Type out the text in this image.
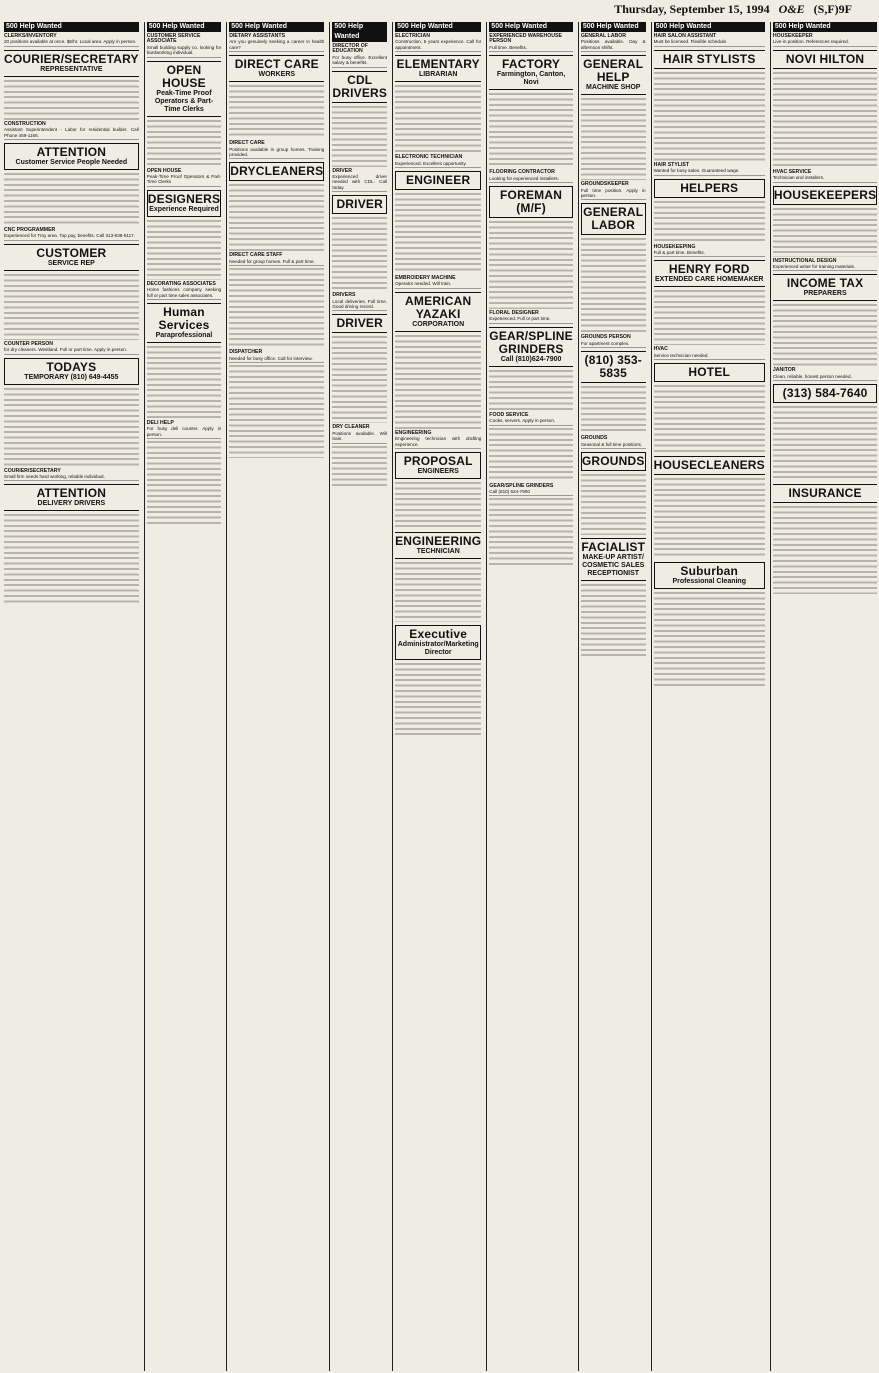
Thursday, September 15, 1994 O&E (S,F)9F
500 Help Wanted
CLERKS/INVENTORY
20 positions available at once. $6/hr. Local area. Apply in person.
COURIER/SECRETARY
REPRESENTATIVE
CONSTRUCTION
Assistant Superintendent - Labor for residential builder. Call Phone 459-1166.
ATTENTION
Customer Service People Needed
CNC PROGRAMMER
Experienced for Troy area. Top pay, benefits. Call 313-838-8117.
CUSTOMER
SERVICE REP
COUNTER PERSON
for dry cleaners. Westland. Full or part time. Apply in person.
TODAYS
TEMPORARY (810) 649-4455
COURIER/SECRETARY
Small firm needs hard working, reliable individual.
ATTENTION
DELIVERY DRIVERS
500 Help Wanted
CUSTOMER SERVICE ASSOCIATE
Small building supply co. looking for hardworking individual.
OPEN HOUSE
Peak-Time Proof Operators & Part-Time Clerks
OPEN HOUSE
Peak-Time Proof Operators & Part-Time Clerks
DESIGNERS
Experience Required
DECORATING ASSOCIATES
Home fashions company seeking full or part time sales associates.
Human Services
Paraprofessional
DELI HELP
For busy deli counter. Apply in person.
500 Help Wanted
DIETARY ASSISTANTS
Are you genuinely seeking a career in health care?
DIRECT CARE
WORKERS
DIRECT CARE
Positions available in group homes. Training provided.
DRYCLEANERS
DIRECT CARE STAFF
Needed for group homes. Full & part time.
DISPATCHER
Needed for busy office. Call for interview.
500 Help Wanted
DIRECTOR OF EDUCATION
For busy office. Excellent salary & benefits.
CDL DRIVERS
DRIVER
Experienced driver needed with CDL. Call today.
DRIVER
DRIVERS
Local deliveries. Full time. Good driving record.
DRIVER
DRY CLEANER
Positions available. Will train.
500 Help Wanted
ELECTRICIAN
Construction, 5 years experience. Call for appointment.
ELEMENTARY
LIBRARIAN
ELECTRONIC TECHNICIAN
Experienced. Excellent opportunity.
ENGINEER
EMBROIDERY MACHINE
Operator needed. Will train.
AMERICAN YAZAKI
CORPORATION
ENGINEERING
Engineering technician with drafting experience.
PROPOSAL
ENGINEERS
ENGINEERING
TECHNICIAN
Executive
Administrator/Marketing Director
500 Help Wanted
EXPERIENCED WAREHOUSE PERSON
Full time. Benefits.
FACTORY
Farmington, Canton, Novi
FLOORING CONTRACTOR
Looking for experienced installers.
FOREMAN (M/F)
FLORAL DESIGNER
Experienced. Full or part time.
GEAR/SPLINE GRINDERS
Call (810)624-7900
FOOD SERVICE
Cooks, servers. Apply in person.
GEAR/SPLINE GRINDERS
Call (810) 624-7900
500 Help Wanted
GENERAL LABOR
Positions available. Day & afternoon shifts.
GENERAL HELP
MACHINE SHOP
GROUNDSKEEPER
Full time position. Apply in person.
GENERAL LABOR
GROUNDS PERSON
For apartment complex.
(810) 353-5835
GROUNDS
Seasonal & full time positions.
GROUNDS
FACIALIST
MAKE-UP ARTIST/ COSMETIC SALES RECEPTIONIST
500 Help Wanted
HAIR SALON ASSISTANT
Must be licensed. Flexible schedule.
HAIR STYLISTS
HAIR STYLIST
Wanted for busy salon. Guaranteed wage.
HELPERS
HOUSEKEEPING
Full & part time. Benefits.
HENRY FORD
EXTENDED CARE HOMEMAKER
HVAC
Service technician needed.
HOTEL
HOUSECLEANERS
Suburban
Professional Cleaning
500 Help Wanted
HOUSEKEEPER
Live-in position. References required.
NOVI HILTON
HVAC SERVICE
Technician and installers.
HOUSEKEEPERS
INSTRUCTIONAL DESIGN
Experienced writer for training materials.
INCOME TAX
PREPARERS
JANITOR
Clean, reliable, honest person needed.
(313) 584-7640
INSURANCE
